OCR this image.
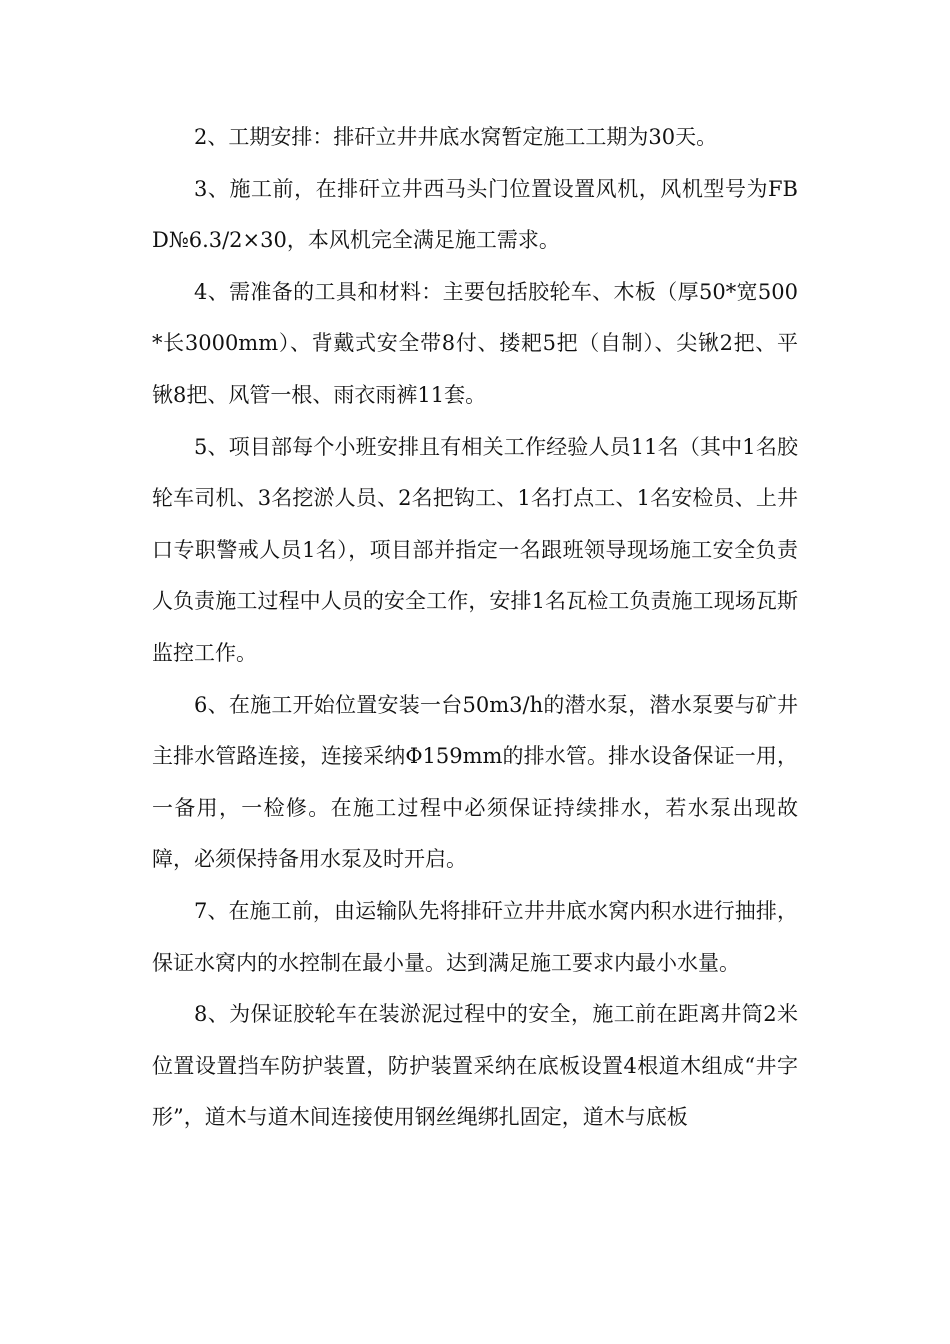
2、工期安排：排矸立井井底水窝暂定施工工期为30天。

3、施工前，在排矸立井西马头门位置设置风机，风机型号为FBD№6.3/2×30，本风机完全满足施工需求。

4、需准备的工具和材料：主要包括胶轮车、木板（厚50*宽500*长3000mm）、背戴式安全带8付、搂耙5把（自制）、尖锹2把、平锹8把、风管一根、雨衣雨裤11套。

5、项目部每个小班安排且有相关工作经验人员11名（其中1名胶轮车司机、3名挖淤人员、2名把钩工、1名打点工、1名安检员、上井口专职警戒人员1名），项目部并指定一名跟班领导现场施工安全负责人负责施工过程中人员的安全工作，安排1名瓦检工负责施工现场瓦斯监控工作。

6、在施工开始位置安装一台50m3/h的潜水泵，潜水泵要与矿井主排水管路连接，连接采纳Φ159mm的排水管。排水设备保证一用，一备用，一检修。在施工过程中必须保证持续排水，若水泵出现故障，必须保持备用水泵及时开启。

7、在施工前，由运输队先将排矸立井井底水窝内积水进行抽排，保证水窝内的水控制在最小量。达到满足施工要求内最小水量。

8、为保证胶轮车在装淤泥过程中的安全，施工前在距离井筒2米位置设置挡车防护装置，防护装置采纳在底板设置4根道木组成“井字形”，道木与道木间连接使用钢丝绳绑扎固定，道木与底板
